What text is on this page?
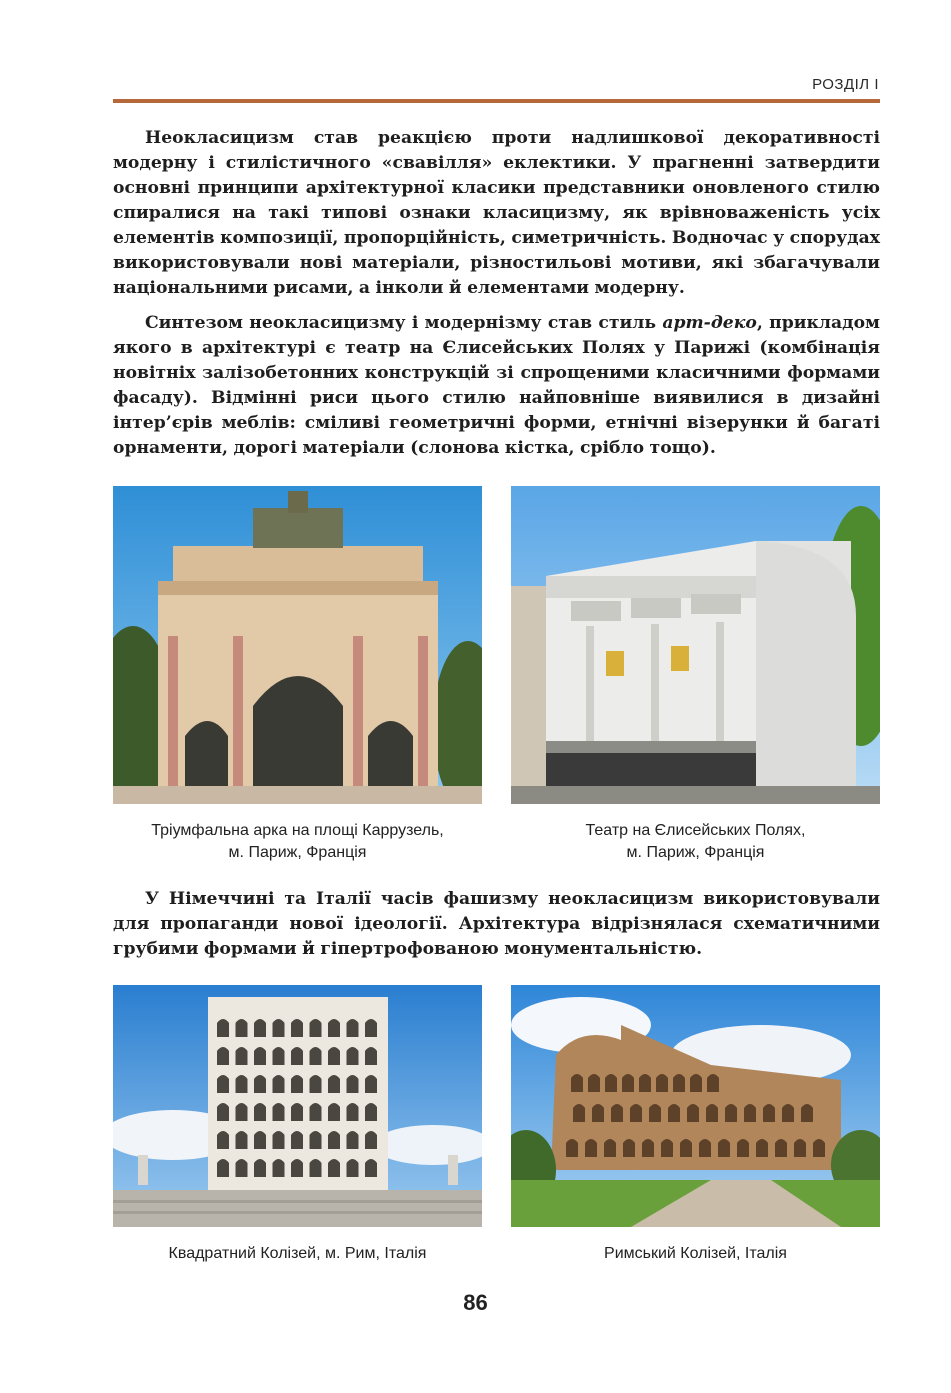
РОЗДІЛ І

Неокласицизм став реакцією проти надлишкової декоративності модерну і стилістичного «свавілля» еклектики. У прагненні затвердити основні принципи архітектурної класики представники оновленого стилю спиралися на такі типові ознаки класицизму, як врівноваженість усіх елементів композиції, пропорційність, симетричність. Водночас у спорудах використовували нові матеріали, різностильові мотиви, які збагачували національними рисами, а інколи й елементами модерну.

Синтезом неокласицизму і модернізму став стиль арт-деко, прикладом якого в архітектурі є театр на Єлисейських Полях у Парижі (комбінація новітніх залізобетонних конструкцій зі спрощеними класичними формами фасаду). Відмінні риси цього стилю найповніше виявилися в дизайні інтер’єрів меблів: сміливі геометричні форми, етнічні візерунки й багаті орнаменти, дорогі матеріали (слонова кістка, срібло тощо).

Тріумфальна арка на площі Каррузель,
м. Париж, Франція

Театр на Єлисейських Полях,
м. Париж, Франція

У Німеччині та Італії часів фашизму неокласицизм використовували для пропаганди нової ідеології. Архітектура відрізнялася схематичними грубими формами й гіпертрофованою монументальністю.

Квадратний Колізей, м. Рим, Італія	Римський Колізей, Італія

86
